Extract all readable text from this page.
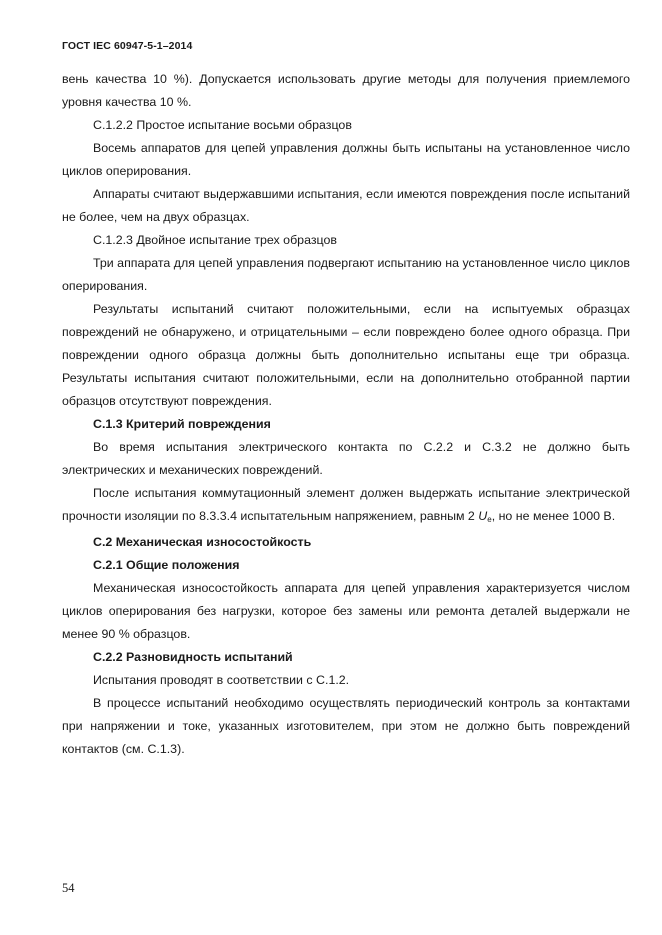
ГОСТ IEC 60947-5-1–2014

вень качества 10 %). Допускается использовать другие методы для получения приемлемого уровня качества 10 %.

С.1.2.2 Простое испытание восьми образцов

Восемь аппаратов для цепей управления должны быть испытаны на установленное число циклов оперирования.

Аппараты считают выдержавшими испытания, если имеются повреждения после испытаний не более, чем на двух образцах.

С.1.2.3 Двойное испытание трех образцов

Три аппарата для цепей управления подвергают испытанию на установленное число циклов оперирования.

Результаты испытаний считают положительными, если на испытуемых образцах повреждений не обнаружено, и отрицательными – если повреждено более одного образца. При повреждении одного образца должны быть дополнительно испытаны еще три образца. Результаты испытания считают положительными, если на дополнительно отобранной партии образцов отсутствуют повреждения.

С.1.3 Критерий повреждения

Во время испытания электрического контакта по С.2.2 и С.3.2 не должно быть электрических и механических повреждений.

После испытания коммутационный элемент должен выдержать испытание электрической прочности изоляции по 8.3.3.4 испытательным напряжением, равным 2 Ue, но не менее 1000 В.

С.2 Механическая износостойкость

С.2.1 Общие положения

Механическая износостойкость аппарата для цепей управления характеризуется числом циклов оперирования без нагрузки, которое без замены или ремонта деталей выдержали не менее 90 % образцов.

С.2.2 Разновидность испытаний

Испытания проводят в соответствии с С.1.2.

В процессе испытаний необходимо осуществлять периодический контроль за контактами при напряжении и токе, указанных изготовителем, при этом не должно быть повреждений контактов (см. С.1.3).

54
